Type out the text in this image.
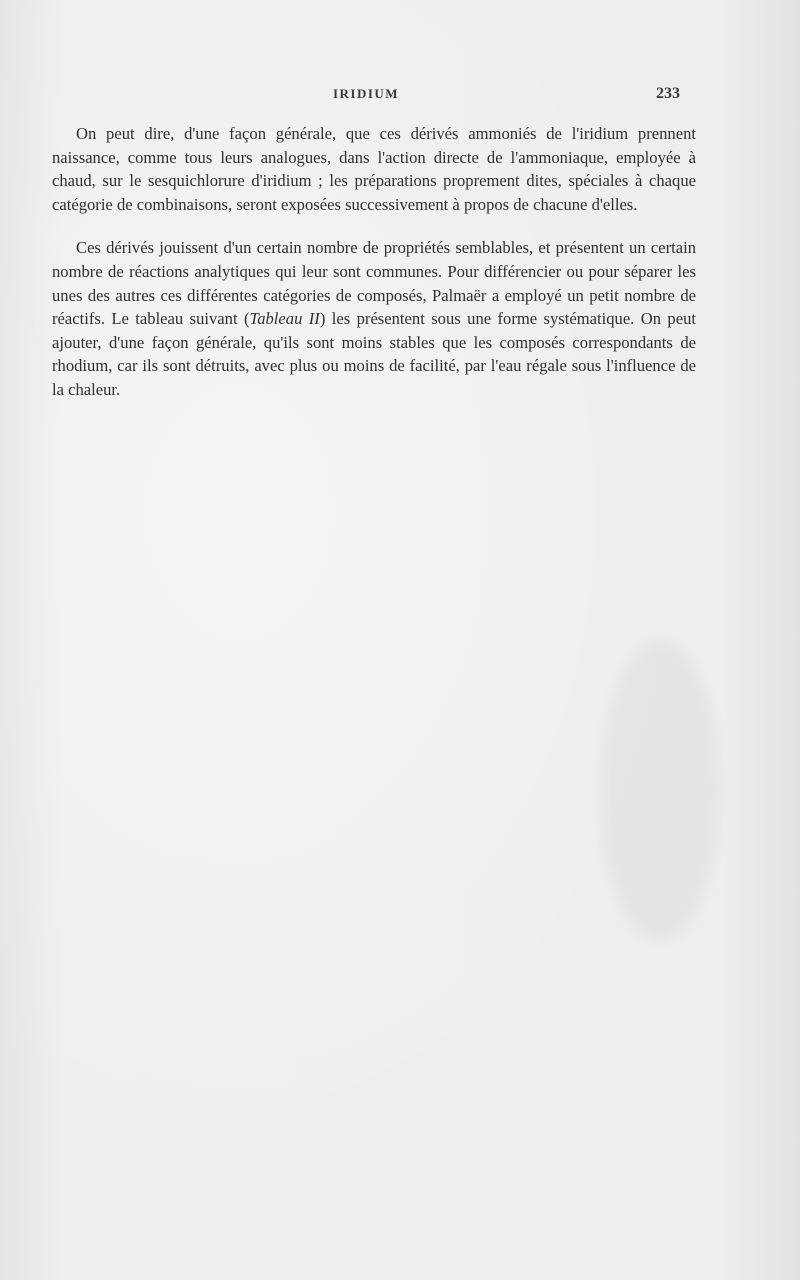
IRIDIUM	233

On peut dire, d'une façon générale, que ces dérivés ammoniés de l'iridium prennent naissance, comme tous leurs analogues, dans l'action directe de l'ammoniaque, employée à chaud, sur le sesquichlorure d'iridium ; les préparations proprement dites, spéciales à chaque catégorie de combinaisons, seront exposées successivement à propos de chacune d'elles.

Ces dérivés jouissent d'un certain nombre de propriétés semblables, et présentent un certain nombre de réactions analytiques qui leur sont communes. Pour différencier ou pour séparer les unes des autres ces différentes catégories de composés, Palmaër a employé un petit nombre de réactifs. Le tableau suivant (Tableau II) les présentent sous une forme systématique. On peut ajouter, d'une façon générale, qu'ils sont moins stables que les composés correspondants de rhodium, car ils sont détruits, avec plus ou moins de facilité, par l'eau régale sous l'influence de la chaleur.
